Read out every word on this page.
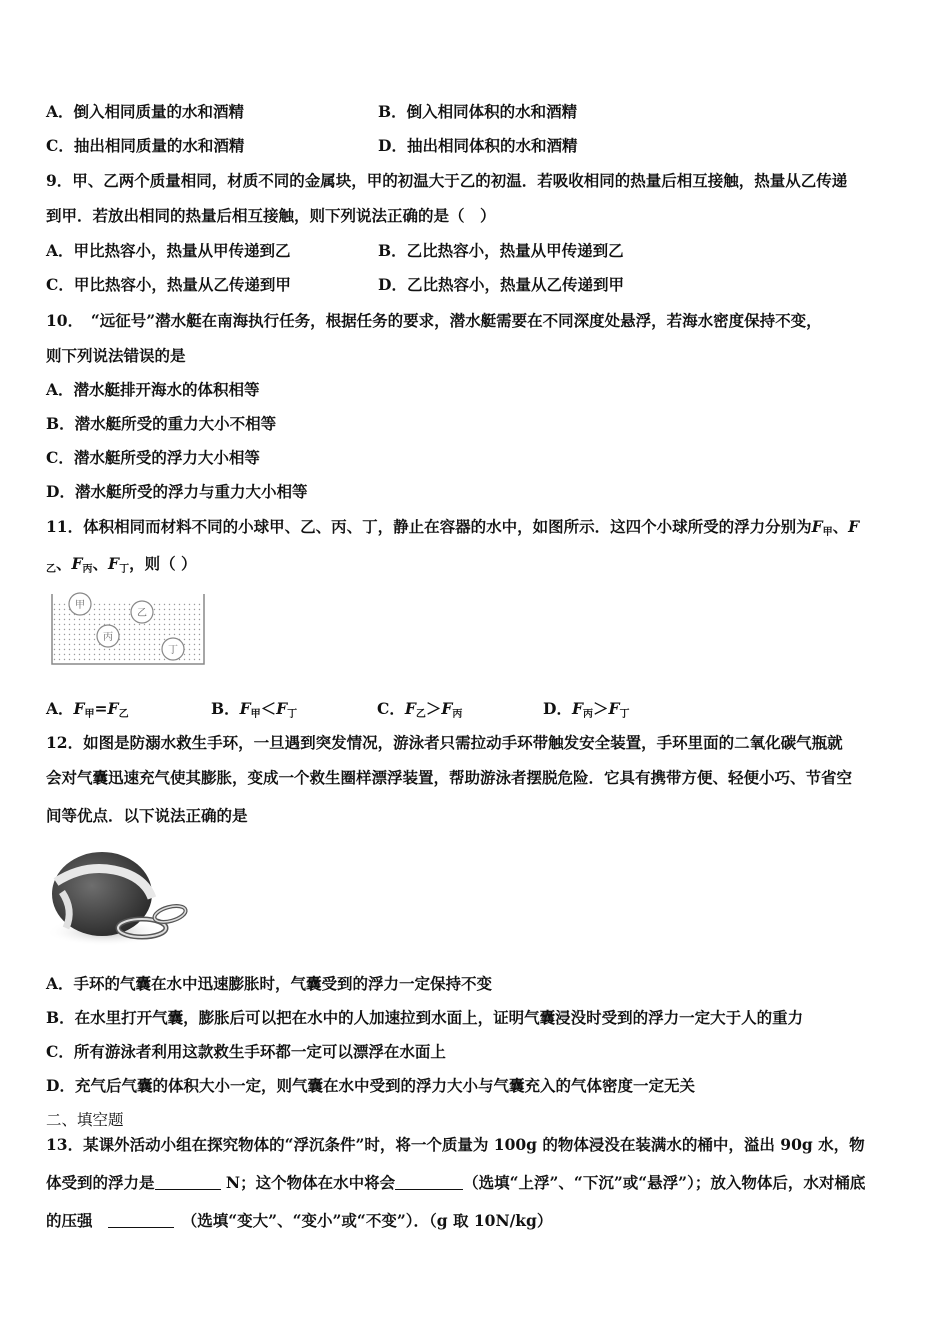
A．倒入相同质量的水和酒精	B．倒入相同体积的水和酒精
C．抽出相同质量的水和酒精	D．抽出相同体积的水和酒精
9．甲、乙两个质量相同，材质不同的金属块，甲的初温大于乙的初温．若吸收相同的热量后相互接触，热量从乙传递
到甲．若放出相同的热量后相互接触，则下列说法正确的是（　）
A．甲比热容小，热量从甲传递到乙	B．乙比热容小，热量从甲传递到乙
C．甲比热容小，热量从乙传递到甲	D．乙比热容小，热量从乙传递到甲
10．　“远征号”潜水艇在南海执行任务，根据任务的要求，潜水艇需要在不同深度处悬浮，若海水密度保持不变，
则下列说法错误的是
A．潜水艇排开海水的体积相等
B．潜水艇所受的重力大小不相等
C．潜水艇所受的浮力大小相等
D．潜水艇所受的浮力与重力大小相等
11．体积相同而材料不同的小球甲、乙、丙、丁，静止在容器的水中，如图所示．这四个小球所受的浮力分别为$F_甲$、F
$_乙$、$F_丙$、$F_丁$，则（ ）
甲
乙
丙
丁
A．$F_甲=F_乙$	B．$F_甲<F_丁$	C．$F_乙>F_丙$	D．$F_丙>F_丁$
12．如图是防溺水救生手环，一旦遇到突发情况，游泳者只需拉动手环带触发安全装置，手环里面的二氧化碳气瓶就
会对气囊迅速充气使其膨胀，变成一个救生圈样漂浮装置，帮助游泳者摆脱危险．它具有携带方便、轻便小巧、节省空
间等优点．以下说法正确的是
A．手环的气囊在水中迅速膨胀时，气囊受到的浮力一定保持不变
B．在水里打开气囊，膨胀后可以把在水中的人加速拉到水面上，证明气囊浸没时受到的浮力一定大于人的重力
C．所有游泳者利用这款救生手环都一定可以漂浮在水面上
D．充气后气囊的体积大小一定，则气囊在水中受到的浮力大小与气囊充入的气体密度一定无关
二、填空题
13．某课外活动小组在探究物体的“浮沉条件”时，将一个质量为 100g 的物体浸没在装满水的桶中，溢出 90g 水，物
体受到的浮力是	N；这个物体在水中将会	（选填“上浮”、“下沉”或“悬浮”）；放入物体后，水对桶底
的压强　	　（选填“变大”、“变小”或“不变”）．（g 取 10N/kg）
